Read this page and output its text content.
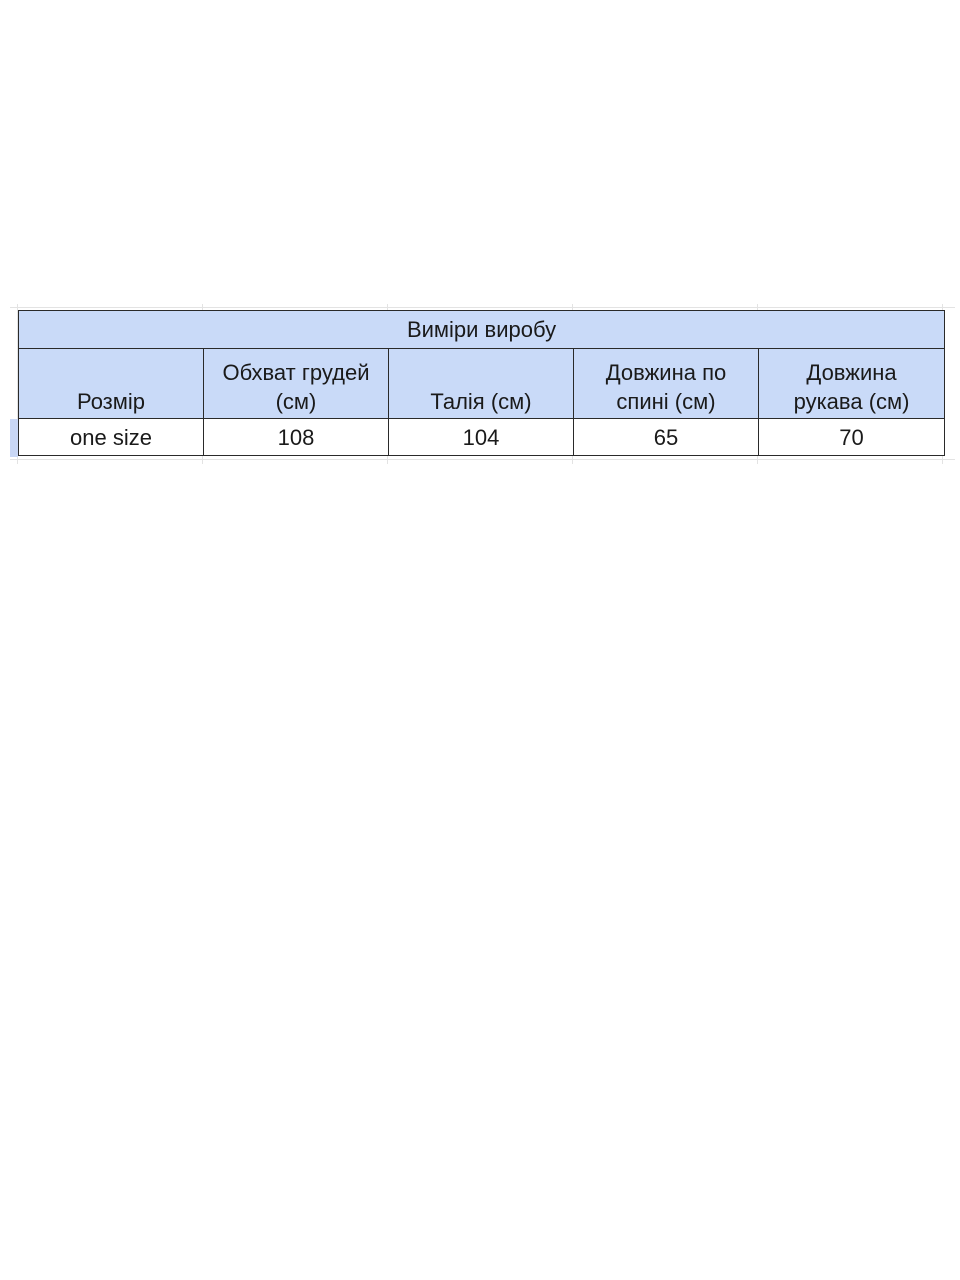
Виміри виробу				

Розмір	Обхват грудей (см)	Талія (см)	Довжина по спині (см)	Довжина рукава (см)

one size	108	104	65	70
